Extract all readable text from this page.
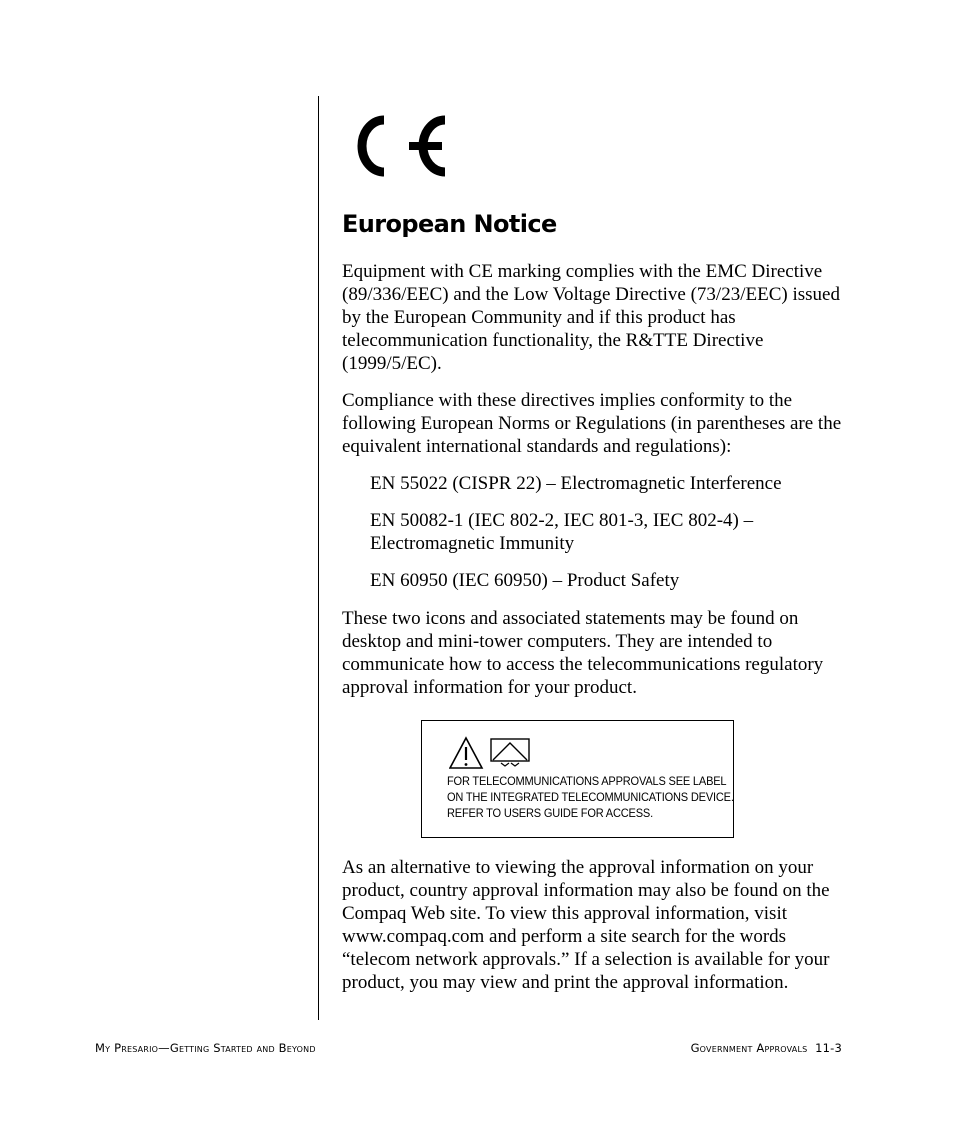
European Notice

Equipment with CE marking complies with the EMC Directive (89/336/EEC) and the Low Voltage Directive (73/23/EEC) issued by the European Community and if this product has telecommunication functionality, the R&TTE Directive (1999/5/EC).

Compliance with these directives implies conformity to the following European Norms or Regulations (in parentheses are the equivalent international standards and regulations):

EN 55022 (CISPR 22) – Electromagnetic Interference

EN 50082-1 (IEC 802-2, IEC 801-3, IEC 802-4) – Electromagnetic Immunity

EN 60950 (IEC 60950) – Product Safety

These two icons and associated statements may be found on desktop and mini-tower computers. They are intended to communicate how to access the telecommunications regulatory approval information for your product.

FOR TELECOMMUNICATIONS APPROVALS SEE LABEL
ON THE INTEGRATED TELECOMMUNICATIONS DEVICE.
REFER TO USERS GUIDE FOR ACCESS.

As an alternative to viewing the approval information on your product, country approval information may also be found on the Compaq Web site. To view this approval information, visit www.compaq.com and perform a site search for the words “telecom network approvals.” If a selection is available for your product, you may view and print the approval information.

My Presario—Getting Started and Beyond	Government Approvals  11-3
